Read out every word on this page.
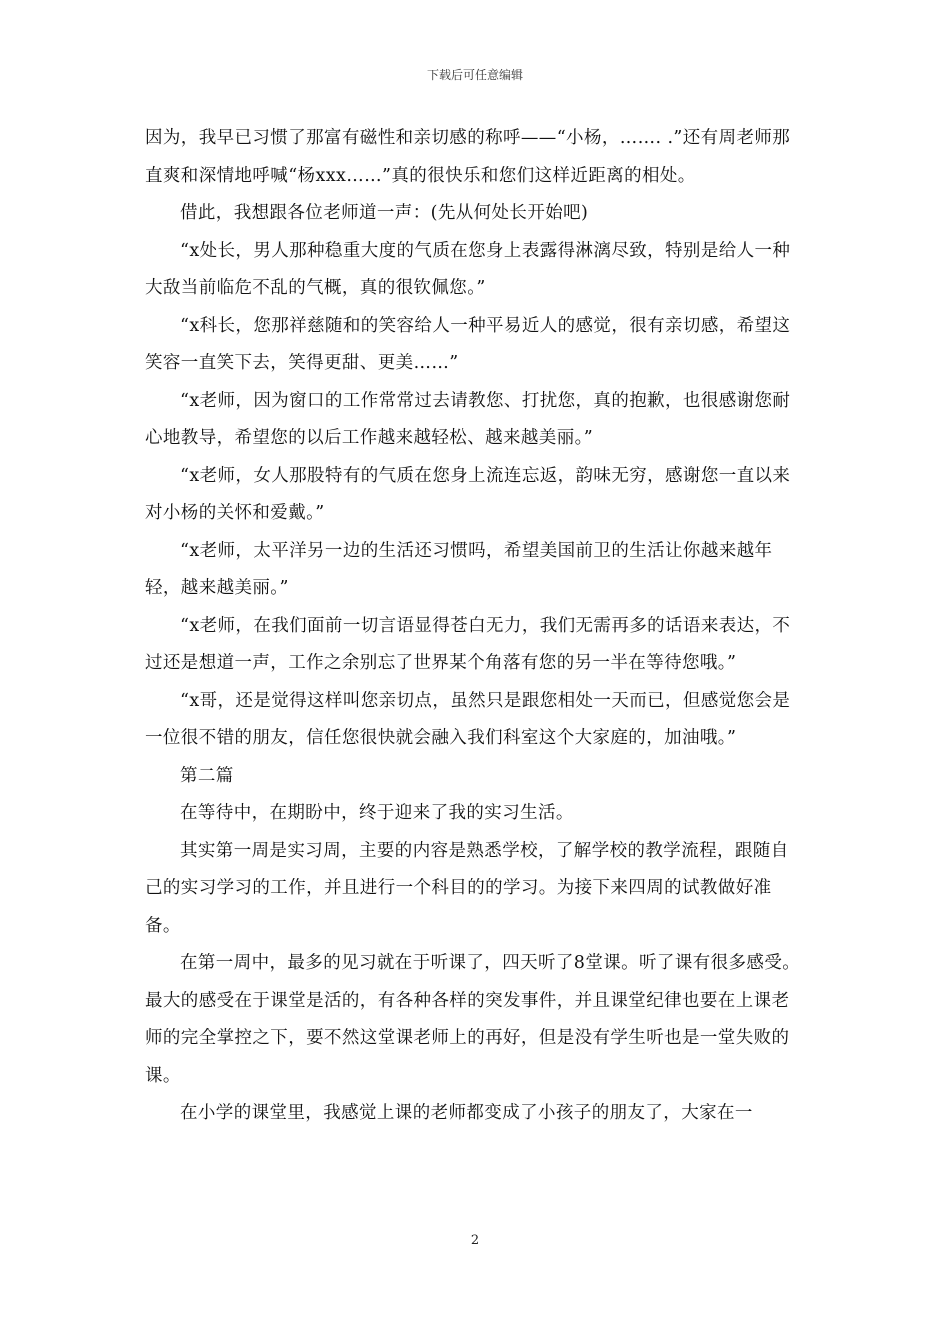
下载后可任意编辑

因为，我早已习惯了那富有磁性和亲切感的称呼——“小杨，……. .”还有周老师那直爽和深情地呼喊“杨xxx……”真的很快乐和您们这样近距离的相处。

借此，我想跟各位老师道一声：(先从何处长开始吧)

“x处长，男人那种稳重大度的气质在您身上表露得淋漓尽致，特别是给人一种大敌当前临危不乱的气概，真的很钦佩您。”

“x科长，您那祥慈随和的笑容给人一种平易近人的感觉，很有亲切感，希望这笑容一直笑下去，笑得更甜、更美……”

“x老师，因为窗口的工作常常过去请教您、打扰您，真的抱歉，也很感谢您耐心地教导，希望您的以后工作越来越轻松、越来越美丽。”

“x老师，女人那股特有的气质在您身上流连忘返，韵味无穷，感谢您一直以来对小杨的关怀和爱戴。”

“x老师，太平洋另一边的生活还习惯吗，希望美国前卫的生活让你越来越年轻，越来越美丽。”

“x老师，在我们面前一切言语显得苍白无力，我们无需再多的话语来表达，不过还是想道一声，工作之余别忘了世界某个角落有您的另一半在等待您哦。”

“x哥，还是觉得这样叫您亲切点，虽然只是跟您相处一天而已，但感觉您会是一位很不错的朋友，信任您很快就会融入我们科室这个大家庭的，加油哦。”

第二篇

在等待中，在期盼中，终于迎来了我的实习生活。

其实第一周是实习周，主要的内容是熟悉学校，了解学校的教学流程，跟随自己的实习学习的工作，并且进行一个科目的的学习。为接下来四周的试教做好准备。

在第一周中，最多的见习就在于听课了，四天听了8堂课。听了课有很多感受。最大的感受在于课堂是活的，有各种各样的突发事件，并且课堂纪律也要在上课老师的完全掌控之下，要不然这堂课老师上的再好，但是没有学生听也是一堂失败的课。

在小学的课堂里，我感觉上课的老师都变成了小孩子的朋友了，大家在一

2
